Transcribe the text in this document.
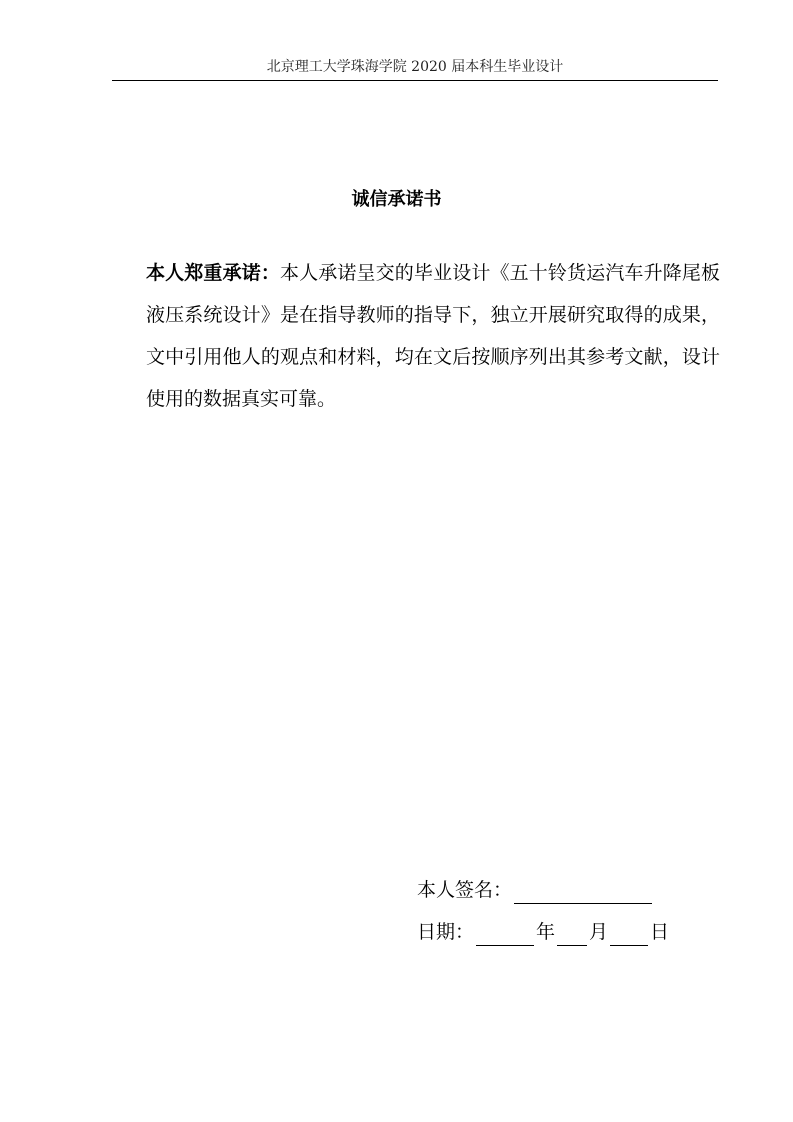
北京理工大学珠海学院 2020 届本科生毕业设计
诚信承诺书
本人郑重承诺：本人承诺呈交的毕业设计《五十铃货运汽车升降尾板液压系统设计》是在指导教师的指导下，独立开展研究取得的成果，文中引用他人的观点和材料，均在文后按顺序列出其参考文献，设计使用的数据真实可靠。
本人签名：
日期：	年 月 日
